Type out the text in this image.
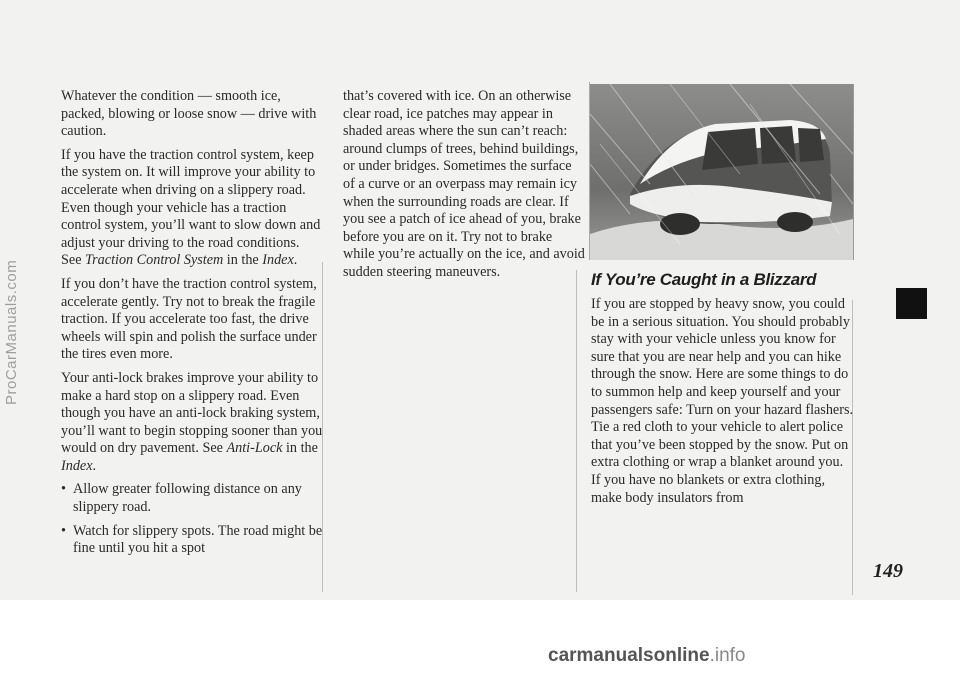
Whatever the condition — smooth ice, packed, blowing or loose snow — drive with caution.

If you have the traction control system, keep the system on. It will improve your ability to accelerate when driving on a slippery road. Even though your vehicle has a traction control system, you’ll want to slow down and adjust your driving to the road conditions. See Traction Control System in the Index.

If you don’t have the traction control system, accelerate gently. Try not to break the fragile traction. If you accelerate too fast, the drive wheels will spin and polish the surface under the tires even more.

Your anti-lock brakes improve your ability to make a hard stop on a slippery road. Even though you have an anti-lock braking system, you’ll want to begin stopping sooner than you would on dry pavement. See Anti-Lock in the Index.

• Allow greater following distance on any slippery road.

• Watch for slippery spots. The road might be fine until you hit a spot

that’s covered with ice. On an otherwise clear road, ice patches may appear in shaded areas where the sun can’t reach: around clumps of trees, behind buildings, or under bridges. Sometimes the surface of a curve or an overpass may remain icy when the surrounding roads are clear. If you see a patch of ice ahead of you, brake before you are on it. Try not to brake while you’re actually on the ice, and avoid sudden steering maneuvers.	If You’re Caught in a Blizzard

If you are stopped by heavy snow, you could be in a serious situation. You should probably stay with your vehicle unless you know for sure that you are near help and you can hike through the snow. Here are some things to do to summon help and keep yourself and your passengers safe: Turn on your hazard flashers. Tie a red cloth to your vehicle to alert police that you’ve been stopped by the snow. Put on extra clothing or wrap a blanket around you. If you have no blankets or extra clothing, make body insulators from

149
ProCarManuals.com
carmanualsonline.info
